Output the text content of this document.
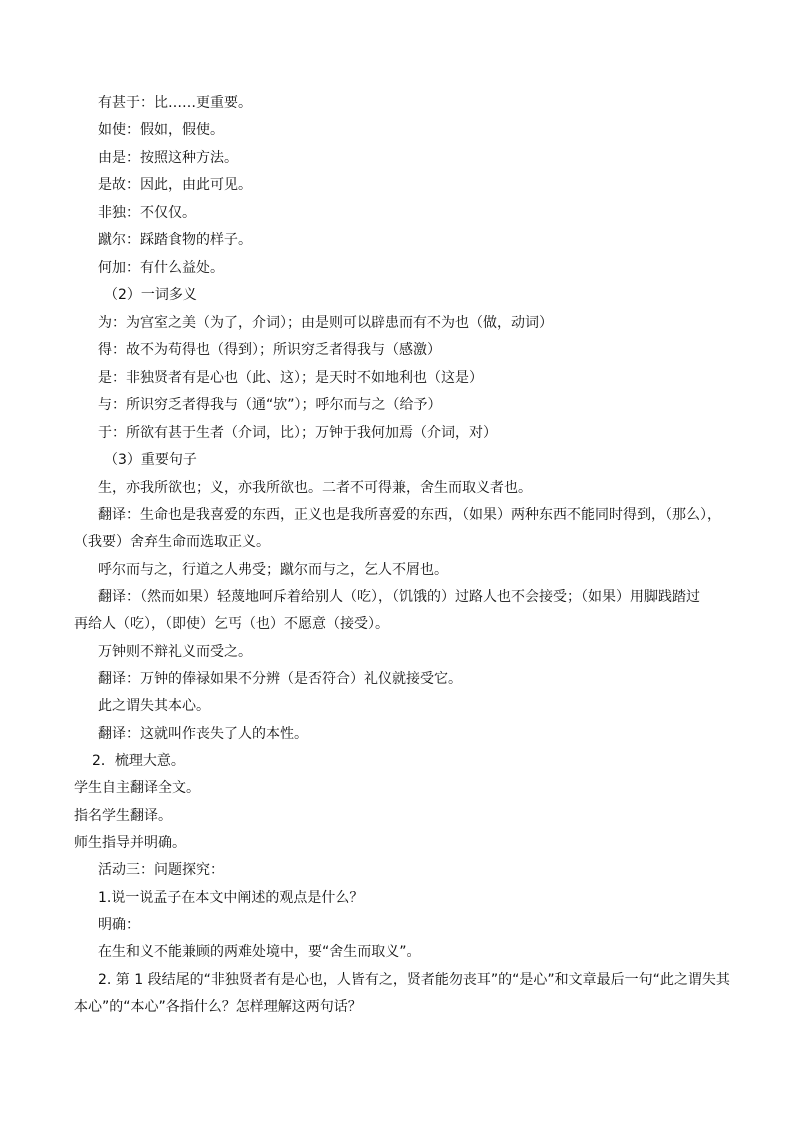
有甚于：比……更重要。
如使：假如，假使。
由是：按照这种方法。
是故：因此，由此可见。
非独：不仅仅。
蹴尔：踩踏食物的样子。
何加：有什么益处。
（2）一词多义
为：为宫室之美（为了，介词）；由是则可以辟患而有不为也（做，动词）
得：故不为苟得也（得到）；所识穷乏者得我与（感激）
是：非独贤者有是心也（此、这）；是天时不如地利也（这是）
与：所识穷乏者得我与（通“欤”）；呼尔而与之（给予）
于：所欲有甚于生者（介词，比）；万钟于我何加焉（介词，对）
（3）重要句子
生，亦我所欲也；义，亦我所欲也。二者不可得兼，舍生而取义者也。
翻译：生命也是我喜爱的东西，正义也是我所喜爱的东西，（如果）两种东西不能同时得到，（那么），
（我要）舍弃生命而选取正义。
呼尔而与之，行道之人弗受；蹴尔而与之，乞人不屑也。
翻译：（然而如果）轻蔑地呵斥着给别人（吃），（饥饿的）过路人也不会接受；（如果）用脚践踏过
再给人（吃），（即使）乞丐（也）不愿意（接受）。
万钟则不辩礼义而受之。
翻译：万钟的俸禄如果不分辨（是否符合）礼仪就接受它。
此之谓失其本心。
翻译：这就叫作丧失了人的本性。
2．梳理大意。
学生自主翻译全文。
指名学生翻译。
师生指导并明确。
活动三：问题探究：
1.说一说孟子在本文中阐述的观点是什么？
明确：
在生和义不能兼顾的两难处境中，要“舍生而取义”。
2. 第 1 段结尾的“非独贤者有是心也，人皆有之，贤者能勿丧耳”的“是心”和文章最后一句“此之谓失其
本心”的“本心”各指什么？怎样理解这两句话？
